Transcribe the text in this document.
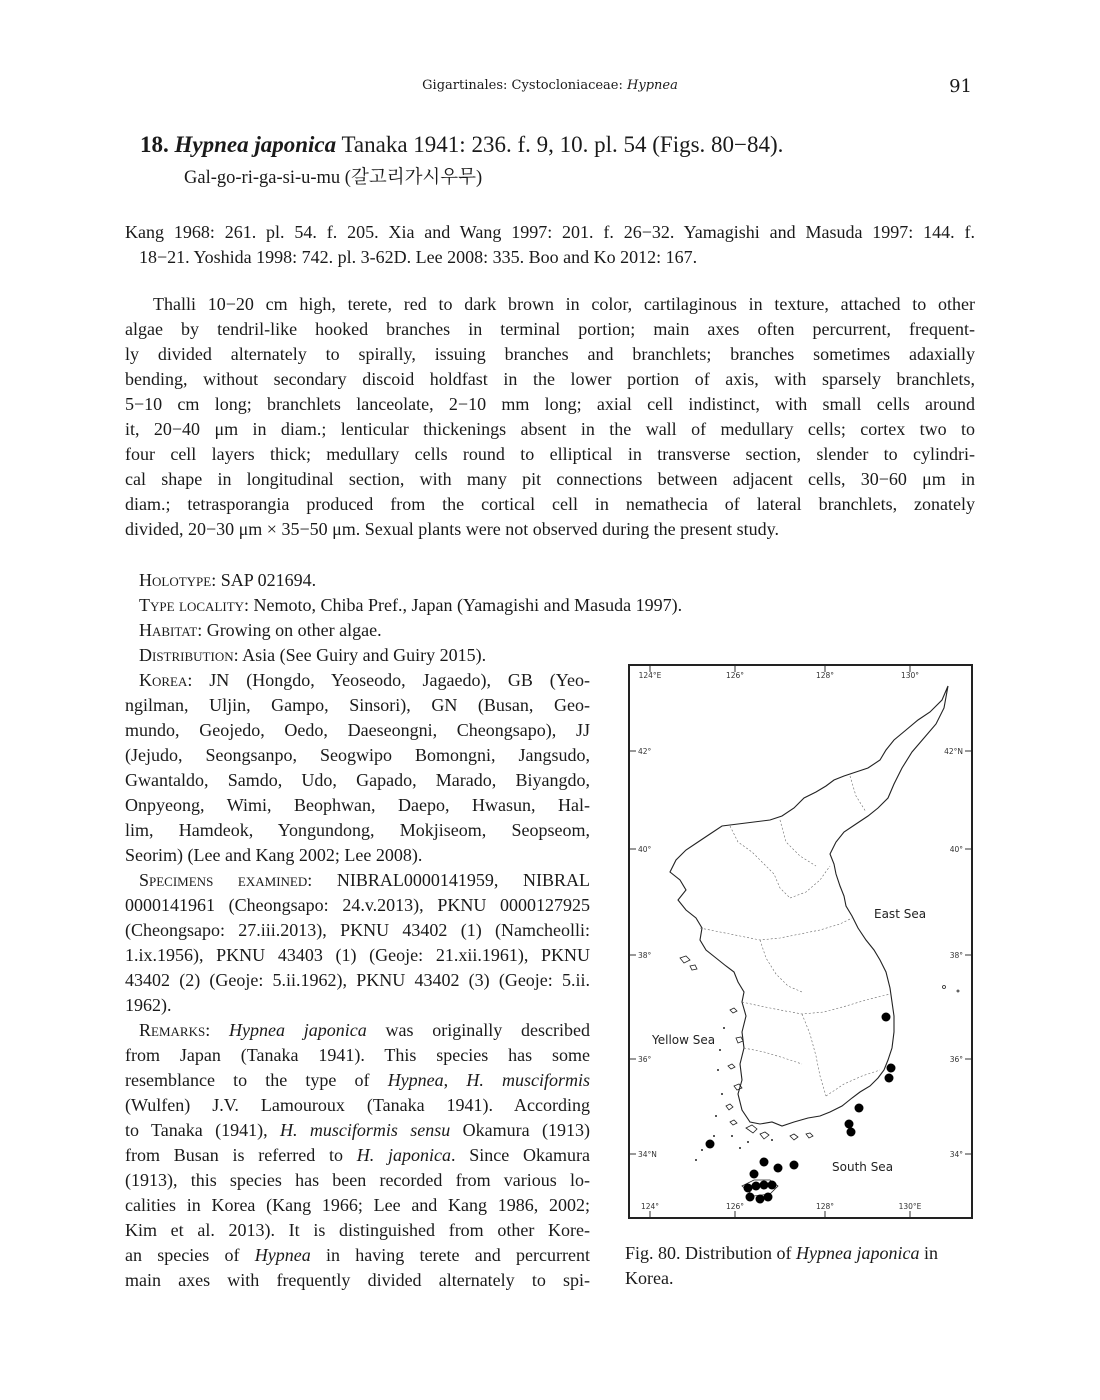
Gigartinales: Cystocloniaceae: Hypnea	91
18. Hypnea japonica Tanaka 1941: 236. f. 9, 10. pl. 54 (Figs. 80−84).
Gal-go-ri-ga-si-u-mu (갈고리가시우무)
Kang 1968: 261. pl. 54. f. 205. Xia and Wang 1997: 201. f. 26−32. Yamagishi and Masuda 1997: 144. f.
18−21. Yoshida 1998: 742. pl. 3-62D. Lee 2008: 335. Boo and Ko 2012: 167.
Thalli 10−20 cm high, terete, red to dark brown in color, cartilaginous in texture, attached to other
algae by tendril-like hooked branches in terminal portion; main axes often percurrent, frequent-
ly divided alternately to spirally, issuing branches and branchlets; branches sometimes adaxially
bending, without secondary discoid holdfast in the lower portion of axis, with sparsely branchlets,
5−10 cm long; branchlets lanceolate, 2−10 mm long; axial cell indistinct, with small cells around
it, 20−40 μm in diam.; lenticular thickenings absent in the wall of medullary cells; cortex two to
four cell layers thick; medullary cells round to elliptical in transverse section, slender to cylindri-
cal shape in longitudinal section, with many pit connections between adjacent cells, 30−60 μm in
diam.; tetrasporangia produced from the cortical cell in nemathecia of lateral branchlets, zonately
divided, 20−30 μm × 35−50 μm. Sexual plants were not observed during the present study.
Holotype: SAP 021694.
Type locality: Nemoto, Chiba Pref., Japan (Yamagishi and Masuda 1997).
Habitat: Growing on other algae.
Distribution: Asia (See Guiry and Guiry 2015).
Korea: JN (Hongdo, Yeoseodo, Jagaedo), GB (Yeo-
ngilman, Uljin, Gampo, Sinsori), GN (Busan, Geo-
mundo, Geojedo, Oedo, Daeseongni, Cheongsapo), JJ
(Jejudo, Seongsanpo, Seogwipo Bomongni, Jangsudo,
Gwantaldo, Samdo, Udo, Gapado, Marado, Biyangdo,
Onpyeong, Wimi, Beophwan, Daepo, Hwasun, Hal-
lim, Hamdeok, Yongundong, Mokjiseom, Seopseom,
Seorim) (Lee and Kang 2002; Lee 2008).
Specimens examined: NIBRAL0000141959, NIBRAL
0000141961 (Cheongsapo: 24.v.2013), PKNU 0000127925
(Cheongsapo: 27.iii.2013), PKNU 43402 (1) (Namcheolli:
1.ix.1956), PKNU 43403 (1) (Geoje: 21.xii.1961), PKNU
43402 (2) (Geoje: 5.ii.1962), PKNU 43402 (3) (Geoje: 5.ii.
1962).
Remarks: Hypnea japonica was originally described
from Japan (Tanaka 1941). This species has some
resemblance to the type of Hypnea, H. musciformis
(Wulfen) J.V. Lamouroux (Tanaka 1941). According
to Tanaka (1941), H. musciformis sensu Okamura (1913)
from Busan is referred to H. japonica. Since Okamura
(1913), this species has been recorded from various lo-
calities in Korea (Kang 1966; Lee and Kang 1986, 2002;
Kim et al. 2013). It is distinguished from other Kore-
an species of Hypnea in having terete and percurrent
main axes with frequently divided alternately to spi-
124°E	126°	128°	130°
124°	126°	128°	130°E
42°
40°
38°
36°
34°N
42°N
40°
38°
36°
34°
East Sea
Yellow Sea
South Sea
Fig. 80. Distribution of Hypnea japonica in Korea.
